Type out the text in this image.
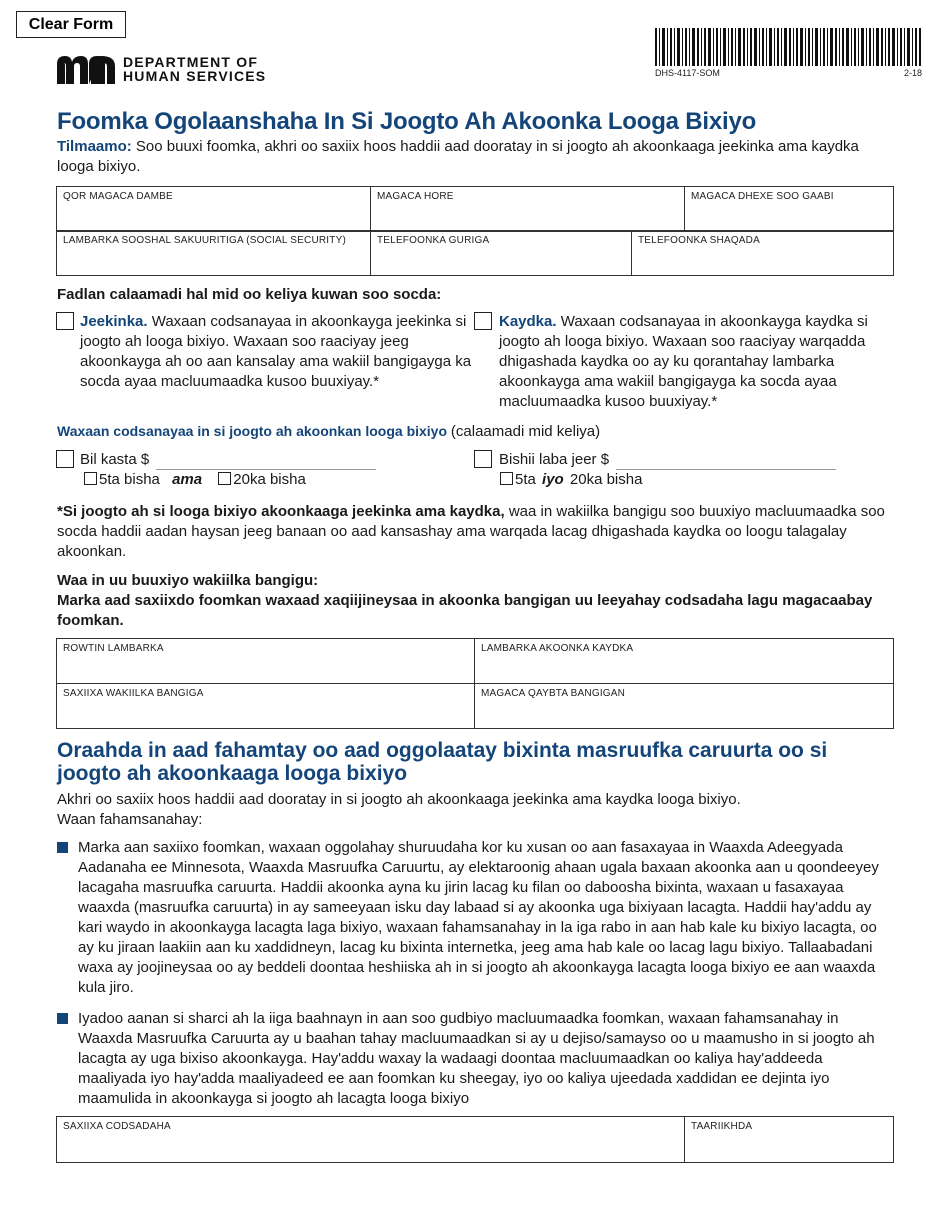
Clear Form
DEPARTMENT OF
HUMAN SERVICES	DHS-4117-SOM	2-18
Foomka Ogolaanshaha In Si Joogto Ah Akoonka Looga Bixiyo
Tilmaamo: Soo buuxi foomka, akhri oo saxiix hoos haddii aad dooratay in si joogto ah akoonkaaga jeekinka ama kaydka looga bixiyo.
QOR MAGACA DAMBE	MAGACA HORE	MAGACA DHEXE SOO GAABI
LAMBARKA SOOSHAL SAKUURITIGA (SOCIAL SECURITY)	TELEFOONKA GURIGA	TELEFOONKA SHAQADA
Fadlan calaamadi hal mid oo keliya kuwan soo socda:
Jeekinka. Waxaan codsanayaa in akoonkayga jeekinka si joogto ah looga bixiyo. Waxaan soo raaciyay jeeg akoonkayga ah oo aan kansalay ama wakiil bangigayga ka socda ayaa macluumaadka kusoo buuxiyay.*
Kaydka. Waxaan codsanayaa in akoonkayga kaydka si joogto ah looga bixiyo. Waxaan soo raaciyay warqadda dhigashada kaydka oo ay ku qorantahay lambarka akoonkayga ama wakiil bangigayga ka socda ayaa macluumaadka kusoo buuxiyay.*
Waxaan codsanayaa in si joogto ah akoonkan looga bixiyo (calaamadi mid keliya)
Bil kasta $
5ta bisha ama 20ka bisha
Bishii laba jeer $
5ta iyo 20ka bisha
*Si joogto ah si looga bixiyo akoonkaaga jeekinka ama kaydka, waa in wakiilka bangigu soo buuxiyo macluumaadka soo socda haddii aadan haysan jeeg banaan oo aad kansashay ama warqada lacag dhigashada kaydka oo loogu talagalay akoonkan.
Waa in uu buuxiyo wakiilka bangigu:
Marka aad saxiixdo foomkan waxaad xaqiijineysaa in akoonka bangigan uu leeyahay codsadaha lagu magacaabay foomkan.
ROWTIN LAMBARKA	LAMBARKA AKOONKA KAYDKA
SAXIIXA WAKIILKA BANGIGA	MAGACA QAYBTA BANGIGAN
Oraahda in aad fahamtay oo aad oggolaatay bixinta masruufka caruurta oo si joogto ah akoonkaaga looga bixiyo
Akhri oo saxiix hoos haddii aad dooratay in si joogto ah akoonkaaga jeekinka ama kaydka looga bixiyo.
Waan fahamsanahay:
Marka aan saxiixo foomkan, waxaan oggolahay shuruudaha kor ku xusan oo aan fasaxayaa in Waaxda Adeegyada Aadanaha ee Minnesota, Waaxda Masruufka Caruurtu, ay elektaroonig ahaan ugala baxaan akoonka aan u qoondeeyey lacagaha masruufka caruurta. Haddii akoonka ayna ku jirin lacag ku filan oo daboosha bixinta, waxaan u fasaxayaa waaxda (masruufka caruurta) in ay sameeyaan isku day labaad si ay akoonka uga bixiyaan lacagta. Haddii hay'addu ay kari waydo in akoonkayga lacagta laga bixiyo, waxaan fahamsanahay in la iga rabo in aan hab kale ku bixiyo lacagta, oo ay ku jiraan laakiin aan ku xaddidneyn, lacag ku bixinta internetka, jeeg ama hab kale oo lacag lagu bixiyo. Tallaabadani waxa ay joojineysaa oo ay beddeli doontaa heshiiska ah in si joogto ah akoonkayga lacagta looga bixiyo ee aan waaxda kula jiro.
Iyadoo aanan si sharci ah la iiga baahnayn in aan soo gudbiyo macluumaadka foomkan, waxaan fahamsanahay in Waaxda Masruufka Caruurta ay u baahan tahay macluumaadkan si ay u dejiso/samayso oo u maamusho in si joogto ah lacagta ay uga bixiso akoonkayga. Hay'addu waxay la wadaagi doontaa macluumaadkan oo kaliya hay'addeeda maaliyada iyo hay'adda maaliyadeed ee aan foomkan ku sheegay, iyo oo kaliya ujeedada xaddidan ee dejinta iyo maamulida in akoonkayga si joogto ah lacagta looga bixiyo
SAXIIXA CODSADAHA	TAARIIKHDA
